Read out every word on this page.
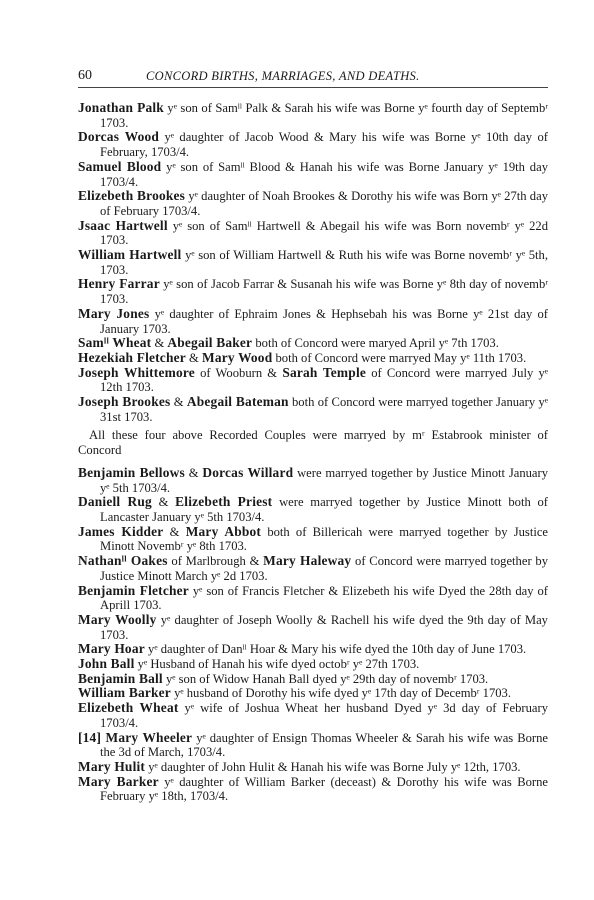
60	CONCORD BIRTHS, MARRIAGES, AND DEATHS.

Jonathan Palk yᵉ son of Samˡˡ Palk & Sarah his wife was Borne yᵉ fourth day of Septembʳ 1703.

Dorcas Wood yᵉ daughter of Jacob Wood & Mary his wife was Borne yᵉ 10th day of February, 1703/4.

Samuel Blood yᵉ son of Samˡˡ Blood & Hanah his wife was Borne January yᵉ 19th day 1703/4.

Elizebeth Brookes yᵉ daughter of Noah Brookes & Dorothy his wife was Born yᵉ 27th day of February 1703/4.

Jsaac Hartwell yᵉ son of Samˡˡ Hartwell & Abegail his wife was Born novembʳ yᵉ 22d 1703.

William Hartwell yᵉ son of William Hartwell & Ruth his wife was Borne novembʳ yᵉ 5th, 1703.

Henry Farrar yᵉ son of Jacob Farrar & Susanah his wife was Borne yᵉ 8th day of novembʳ 1703.

Mary Jones yᵉ daughter of Ephraim Jones & Hephsebah his was Borne yᵉ 21st day of January 1703.

Samˡˡ Wheat & Abegail Baker both of Concord were maryed April yᵉ 7th 1703.

Hezekiah Fletcher & Mary Wood both of Concord were marryed May yᵉ 11th 1703.

Joseph Whittemore of Wooburn & Sarah Temple of Concord were marryed July yᵉ 12th 1703.

Joseph Brookes & Abegail Bateman both of Concord were marryed together January yᵉ 31st 1703.

All these four above Recorded Couples were marryed by mʳ Estabrook minister of Concord

Benjamin Bellows & Dorcas Willard were marryed together by Justice Minott January yᵉ 5th 1703/4.

Daniell Rug & Elizebeth Priest were marryed together by Justice Minott both of Lancaster January yᵉ 5th 1703/4.

James Kidder & Mary Abbot both of Billericah were marryed together by Justice Minott Novembʳ yᵉ 8th 1703.

Nathanˡˡ Oakes of Marlbrough & Mary Haleway of Concord were marryed together by Justice Minott March yᵉ 2d 1703.

Benjamin Fletcher yᵉ son of Francis Fletcher & Elizebeth his wife Dyed the 28th day of Aprill 1703.

Mary Woolly yᵉ daughter of Joseph Woolly & Rachell his wife dyed the 9th day of May 1703.

Mary Hoar yᵉ daughter of Danˡˡ Hoar & Mary his wife dyed the 10th day of June 1703.

John Ball yᵉ Husband of Hanah his wife dyed octobʳ yᵉ 27th 1703.

Benjamin Ball yᵉ son of Widow Hanah Ball dyed yᵉ 29th day of novembʳ 1703.

William Barker yᵉ husband of Dorothy his wife dyed yᵉ 17th day of Decembʳ 1703.

Elizebeth Wheat yᵉ wife of Joshua Wheat her husband Dyed yᵉ 3d day of February 1703/4.

[14] Mary Wheeler yᵉ daughter of Ensign Thomas Wheeler & Sarah his wife was Borne the 3d of March, 1703/4.

Mary Hulit yᵉ daughter of John Hulit & Hanah his wife was Borne July yᵉ 12th, 1703.

Mary Barker yᵉ daughter of William Barker (deceast) & Dorothy his wife was Borne February yᵉ 18th, 1703/4.
